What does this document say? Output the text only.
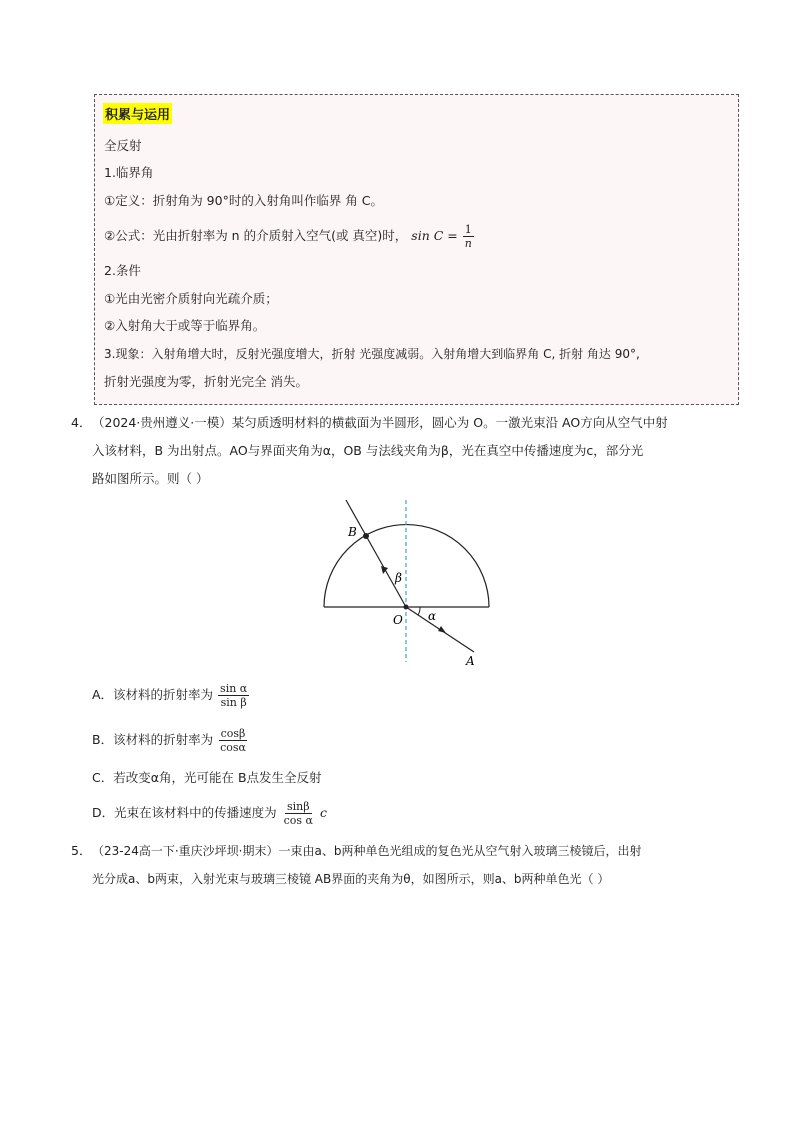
积累与运用
全反射
1.临界角
①定义：折射角为 90°时的入射角叫作临界 角 C。
②公式：光由折射率为 n 的介质射入空气(或 真空)时， $\sin C = \frac{1}{n}$
2.条件
①光由光密介质射向光疏介质；
②入射角大于或等于临界角。
3.现象：入射角增大时，反射光强度增大，折射 光强度减弱。入射角增大到临界角 C, 折射 角达 90°,
折射光强度为零，折射光完全 消失。
4． （2024·贵州遵义·一模）某匀质透明材料的横截面为半圆形，圆心为 O。一激光束沿 AO方向从空气中射
入该材料，B 为出射点。AO与界面夹角为α，OB 与法线夹角为β，光在真空中传播速度为c，部分光
路如图所示。则（ ）
B
β
O α
A
A．该材料的折射率为 $\frac{\text{sin α}}{\text{sin β}}$
B．该材料的折射率为 $\frac{\cos\beta}{\cos\alpha}$
C．若改变α角，光可能在 B点发生全反射
D．光束在该材料中的传播速度为 $\frac{\sin\beta}{\text{cos α}}$ c
5． （23-24高一下·重庆沙坪坝·期末）一束由a、b两种单色光组成的复色光从空气射入玻璃三棱镜后，出射
光分成a、b两束，入射光束与玻璃三棱镜 AB界面的夹角为θ，如图所示，则a、b两种单色光（ ）
